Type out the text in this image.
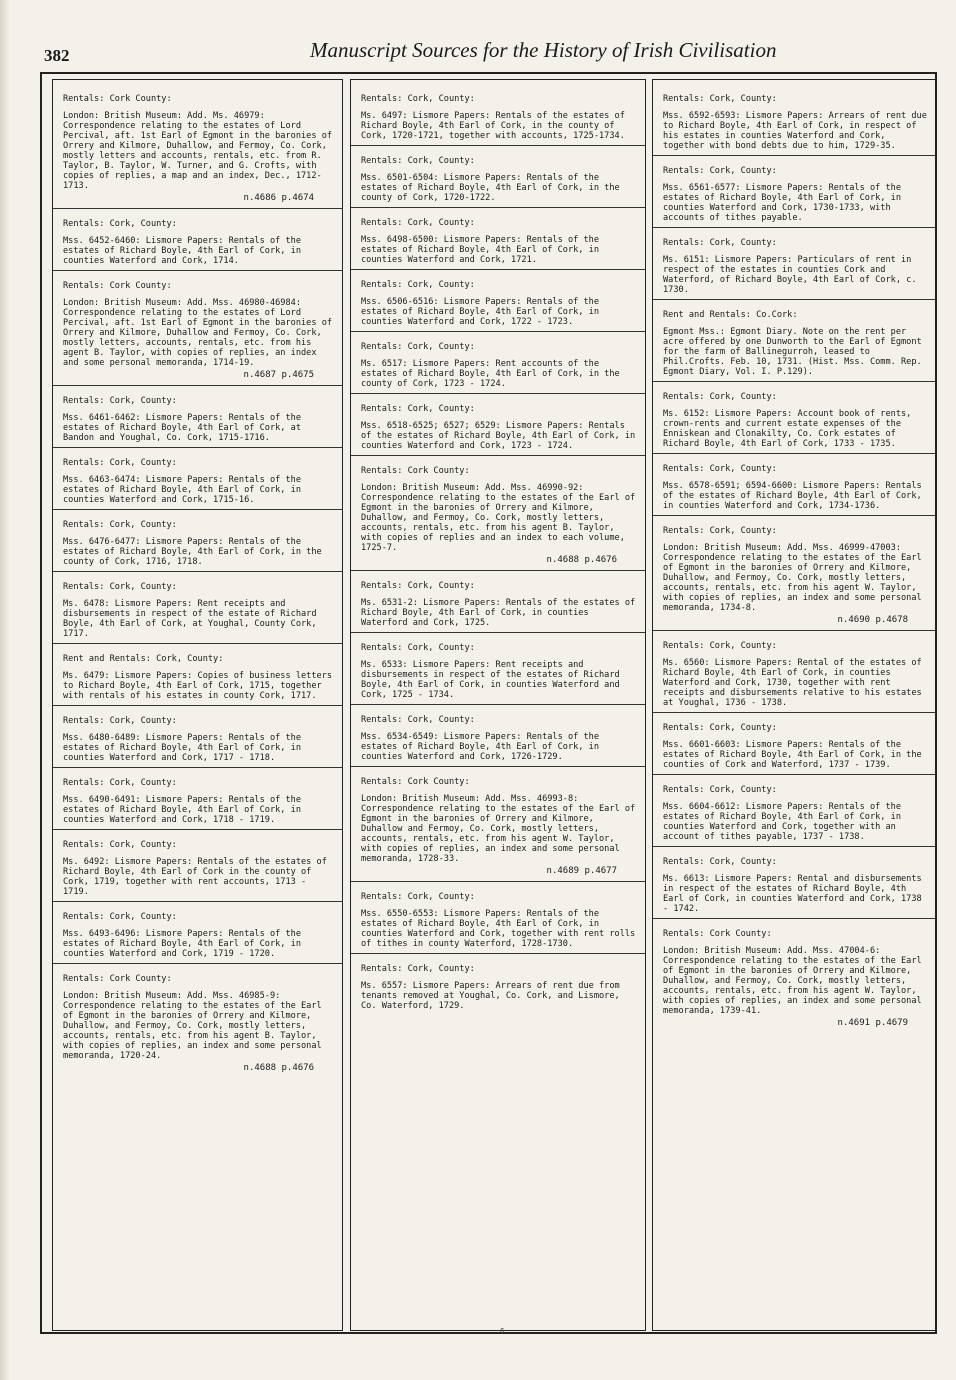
382	Manuscript Sources for the History of Irish Civilisation
Rentals: Cork County:
London: British Museum: Add. Ms. 46979: Correspondence relating to the estates of Lord Percival, aft. 1st Earl of Egmont in the baronies of Orrery and Kilmore, Duhallow, and Fermoy, Co. Cork, mostly letters and accounts, rentals, etc. from R. Taylor, B. Taylor, W. Turner, and G. Crofts, with copies of replies, a map and an index, Dec., 1712-1713.
n.4686 p.4674
Rentals: Cork, County:
Mss. 6452-6460: Lismore Papers: Rentals of the estates of Richard Boyle, 4th Earl of Cork, in counties Waterford and Cork, 1714.
Rentals: Cork County:
London: British Museum: Add. Mss. 46980-46984: Correspondence relating to the estates of Lord Percival, aft. 1st Earl of Egmont in the baronies of Orrery and Kilmore, Duhallow and Fermoy, Co. Cork, mostly letters, accounts, rentals, etc. from his agent B. Taylor, with copies of replies, an index and some personal memoranda, 1714-19.
n.4687 p.4675
Rentals: Cork, County:
Mss. 6461-6462: Lismore Papers: Rentals of the estates of Richard Boyle, 4th Earl of Cork, at Bandon and Youghal, Co. Cork, 1715-1716.
Rentals: Cork, County:
Mss. 6463-6474: Lismore Papers: Rentals of the estates of Richard Boyle, 4th Earl of Cork, in counties Waterford and Cork, 1715-16.
Rentals: Cork, County:
Mss. 6476-6477: Lismore Papers: Rentals of the estates of Richard Boyle, 4th Earl of Cork, in the county of Cork, 1716, 1718.
Rentals: Cork, County:
Ms. 6478: Lismore Papers: Rent receipts and disbursements in respect of the estate of Richard Boyle, 4th Earl of Cork, at Youghal, County Cork, 1717.
Rent and Rentals: Cork, County:
Ms. 6479: Lismore Papers: Copies of business letters to Richard Boyle, 4th Earl of Cork, 1715, together with rentals of his estates in county Cork, 1717.
Rentals: Cork, County:
Mss. 6480-6489: Lismore Papers: Rentals of the estates of Richard Boyle, 4th Earl of Cork, in counties Waterford and Cork, 1717 - 1718.
Rentals: Cork, County:
Mss. 6490-6491: Lismore Papers: Rentals of the estates of Richard Boyle, 4th Earl of Cork, in counties Waterford and Cork, 1718 - 1719.
Rentals: Cork, County:
Ms. 6492: Lismore Papers: Rentals of the estates of Richard Boyle, 4th Earl of Cork in the county of Cork, 1719, together with rent accounts, 1713 - 1719.
Rentals: Cork, County:
Mss. 6493-6496: Lismore Papers: Rentals of the estates of Richard Boyle, 4th Earl of Cork, in counties Waterford and Cork, 1719 - 1720.
Rentals: Cork County:
London: British Museum: Add. Mss. 46985-9: Correspondence relating to the estates of the Earl of Egmont in the baronies of Orrery and Kilmore, Duhallow, and Fermoy, Co. Cork, mostly letters, accounts, rentals, etc. from his agent B. Taylor, with copies of replies, an index and some personal memoranda, 1720-24.
n.4688 p.4676
Rentals: Cork, County:
Ms. 6497: Lismore Papers: Rentals of the estates of Richard Boyle, 4th Earl of Cork, in the county of Cork, 1720-1721, together with accounts, 1725-1734.
Rentals: Cork, County:
Mss. 6501-6504: Lismore Papers: Rentals of the estates of Richard Boyle, 4th Earl of Cork, in the county of Cork, 1720-1722.
Rentals: Cork, County:
Mss. 6498-6500: Lismore Papers: Rentals of the estates of Richard Boyle, 4th Earl of Cork, in counties Waterford and Cork, 1721.
Rentals: Cork, County:
Mss. 6506-6516: Lismore Papers: Rentals of the estates of Richard Boyle, 4th Earl of Cork, in counties Waterford and Cork, 1722 - 1723.
Rentals: Cork, County:
Ms. 6517: Lismore Papers: Rent accounts of the estates of Richard Boyle, 4th Earl of Cork, in the county of Cork, 1723 - 1724.
Rentals: Cork, County:
Mss. 6518-6525; 6527; 6529: Lismore Papers: Rentals of the estates of Richard Boyle, 4th Earl of Cork, in counties Waterford and Cork, 1723 - 1724.
Rentals: Cork County:
London: British Museum: Add. Mss. 46990-92: Correspondence relating to the estates of the Earl of Egmont in the baronies of Orrery and Kilmore, Duhallow, and Fermoy, Co. Cork, mostly letters, accounts, rentals, etc. from his agent B. Taylor, with copies of replies and an index to each volume, 1725-7.
n.4688 p.4676
Rentals: Cork, County:
Ms. 6531-2: Lismore Papers: Rentals of the estates of Richard Boyle, 4th Earl of Cork, in counties Waterford and Cork, 1725.
Rentals: Cork, County:
Ms. 6533: Lismore Papers: Rent receipts and disbursements in respect of the estates of Richard Boyle, 4th Earl of Cork, in counties Waterford and Cork, 1725 - 1734.
Rentals: Cork, County:
Mss. 6534-6549: Lismore Papers: Rentals of the estates of Richard Boyle, 4th Earl of Cork, in counties Waterford and Cork, 1726-1729.
Rentals: Cork County:
London: British Museum: Add. Mss. 46993-8: Correspondence relating to the estates of the Earl of Egmont in the baronies of Orrery and Kilmore, Duhallow and Fermoy, Co. Cork, mostly letters, accounts, rentals, etc. from his agent W. Taylor, with copies of replies, an index and some personal memoranda, 1728-33.
n.4689 p.4677
Rentals: Cork, County:
Mss. 6550-6553: Lismore Papers: Rentals of the estates of Richard Boyle, 4th Earl of Cork, in counties Waterford and Cork, together with rent rolls of tithes in county Waterford, 1728-1730.
Rentals: Cork, County:
Ms. 6557: Lismore Papers: Arrears of rent due from tenants removed at Youghal, Co. Cork, and Lismore, Co. Waterford, 1729.
Rentals: Cork, County:
Mss. 6592-6593: Lismore Papers: Arrears of rent due to Richard Boyle, 4th Earl of Cork, in respect of his estates in counties Waterford and Cork, together with bond debts due to him, 1729-35.
Rentals: Cork, County:
Mss. 6561-6577: Lismore Papers: Rentals of the estates of Richard Boyle, 4th Earl of Cork, in counties Waterford and Cork, 1730-1733, with accounts of tithes payable.
Rentals: Cork, County:
Ms. 6151: Lismore Papers: Particulars of rent in respect of the estates in counties Cork and Waterford, of Richard Boyle, 4th Earl of Cork, c. 1730.
Rent and Rentals: Co.Cork:
Egmont Mss.: Egmont Diary. Note on the rent per acre offered by one Dunworth to the Earl of Egmont for the farm of Ballinegurroh, leased to Phil.Crofts. Feb. 10, 1731. (Hist. Mss. Comm. Rep. Egmont Diary, Vol. I. P.129).
Rentals: Cork, County:
Ms. 6152: Lismore Papers: Account book of rents, crown-rents and current estate expenses of the Enniskean and Clonakilty, Co. Cork estates of Richard Boyle, 4th Earl of Cork, 1733 - 1735.
Rentals: Cork, County:
Mss. 6578-6591; 6594-6600: Lismore Papers: Rentals of the estates of Richard Boyle, 4th Earl of Cork, in counties Waterford and Cork, 1734-1736.
Rentals: Cork, County:
London: British Museum: Add. Mss. 46999-47003: Correspondence relating to the estates of the Earl of Egmont in the baronies of Orrery and Kilmore, Duhallow, and Fermoy, Co. Cork, mostly letters, accounts, rentals, etc. from his agent W. Taylor, with copies of replies, an index and some personal memoranda, 1734-8.
n.4690 p.4678
Rentals: Cork, County:
Ms. 6560: Lismore Papers: Rental of the estates of Richard Boyle, 4th Earl of Cork, in counties Waterford and Cork, 1730, together with rent receipts and disbursements relative to his estates at Youghal, 1736 - 1738.
Rentals: Cork, County:
Mss. 6601-6603: Lismore Papers: Rentals of the estates of Richard Boyle, 4th Earl of Cork, in the counties of Cork and Waterford, 1737 - 1739.
Rentals: Cork, County:
Mss. 6604-6612: Lismore Papers: Rentals of the estates of Richard Boyle, 4th Earl of Cork, in counties Waterford and Cork, together with an account of tithes payable, 1737 - 1738.
Rentals: Cork, County:
Ms. 6613: Lismore Papers: Rental and disbursements in respect of the estates of Richard Boyle, 4th Earl of Cork, in counties Waterford and Cork, 1738 - 1742.
Rentals: Cork County:
London: British Museum: Add. Mss. 47004-6: Correspondence relating to the estates of the Earl of Egmont in the baronies of Orrery and Kilmore, Duhallow, and Fermoy, Co. Cork, mostly letters, accounts, rentals, etc. from his agent W. Taylor, with copies of replies, an index and some personal memoranda, 1739-41.
n.4691 p.4679
6
